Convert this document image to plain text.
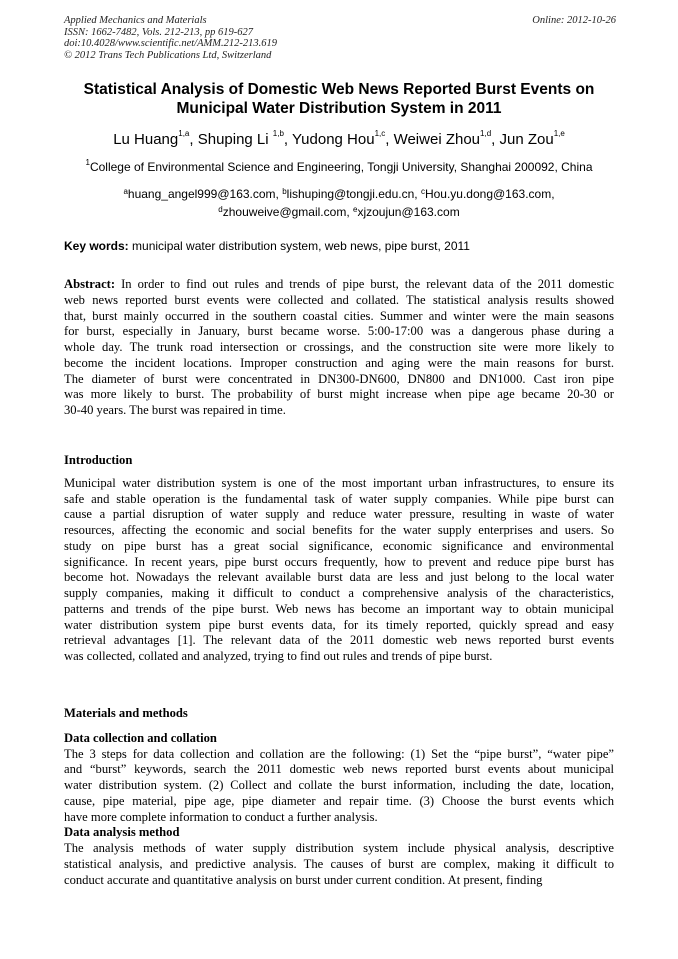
Applied Mechanics and Materials
ISSN: 1662-7482, Vols. 212-213, pp 619-627
doi:10.4028/www.scientific.net/AMM.212-213.619
© 2012 Trans Tech Publications Ltd, Switzerland
Online: 2012-10-26
Statistical Analysis of Domestic Web News Reported Burst Events on
Municipal Water Distribution System in 2011
Lu Huang$^{1,a}$, Shuping Li $^{1,b}$, Yudong Hou$^{1,c}$, Weiwei Zhou$^{1,d}$, Jun Zou$^{1,e}$
$^1$College of Environmental Science and Engineering, Tongji University, Shanghai 200092, China
$^a$huang_angel999@163.com, $^b$lishuping@tongji.edu.cn, $^c$Hou.yu.dong@163.com,
$^d$zhouweive@gmail.com, $^e$xjzoujun@163.com
Key words: municipal water distribution system, web news, pipe burst, 2011
Abstract: In order to find out rules and trends of pipe burst, the relevant data of the 2011 domestic
web news reported burst events were collected and collated. The statistical analysis results showed
that, burst mainly occurred in the southern coastal cities. Summer and winter were the main seasons
for burst, especially in January, burst became worse. 5:00-17:00 was a dangerous phase during a
whole day. The trunk road intersection or crossings, and the construction site were more likely to
become the incident locations. Improper construction and aging were the main reasons for burst.
The diameter of burst were concentrated in DN300-DN600, DN800 and DN1000. Cast iron pipe
was more likely to burst. The probability of burst might increase when pipe age became 20-30 or
30-40 years. The burst was repaired in time.
Introduction
Municipal water distribution system is one of the most important urban infrastructures, to ensure its
safe and stable operation is the fundamental task of water supply companies. While pipe burst can
cause a partial disruption of water supply and reduce water pressure, resulting in waste of water
resources, affecting the economic and social benefits for the water supply enterprises and users. So
study on pipe burst has a great social significance, economic significance and environmental
significance. In recent years, pipe burst occurs frequently, how to prevent and reduce pipe burst has
become hot. Nowadays the relevant available burst data are less and just belong to the local water
supply companies, making it difficult to conduct a comprehensive analysis of the characteristics,
patterns and trends of the pipe burst. Web news has become an important way to obtain municipal
water distribution system pipe burst events data, for its timely reported, quickly spread and easy
retrieval advantages [1]. The relevant data of the 2011 domestic web news reported burst events
was collected, collated and analyzed, trying to find out rules and trends of pipe burst.
Materials and methods
Data collection and collation
The 3 steps for data collection and collation are the following: (1) Set the “pipe burst”, “water pipe”
and “burst” keywords, search the 2011 domestic web news reported burst events about municipal
water distribution system. (2) Collect and collate the burst information, including the date, location,
cause, pipe material, pipe age, pipe diameter and repair time. (3) Choose the burst events which
have more complete information to conduct a further analysis.
Data analysis method
The analysis methods of water supply distribution system include physical analysis, descriptive
statistical analysis, and predictive analysis. The causes of burst are complex, making it difficult to
conduct accurate and quantitative analysis on burst under current condition. At present, finding
